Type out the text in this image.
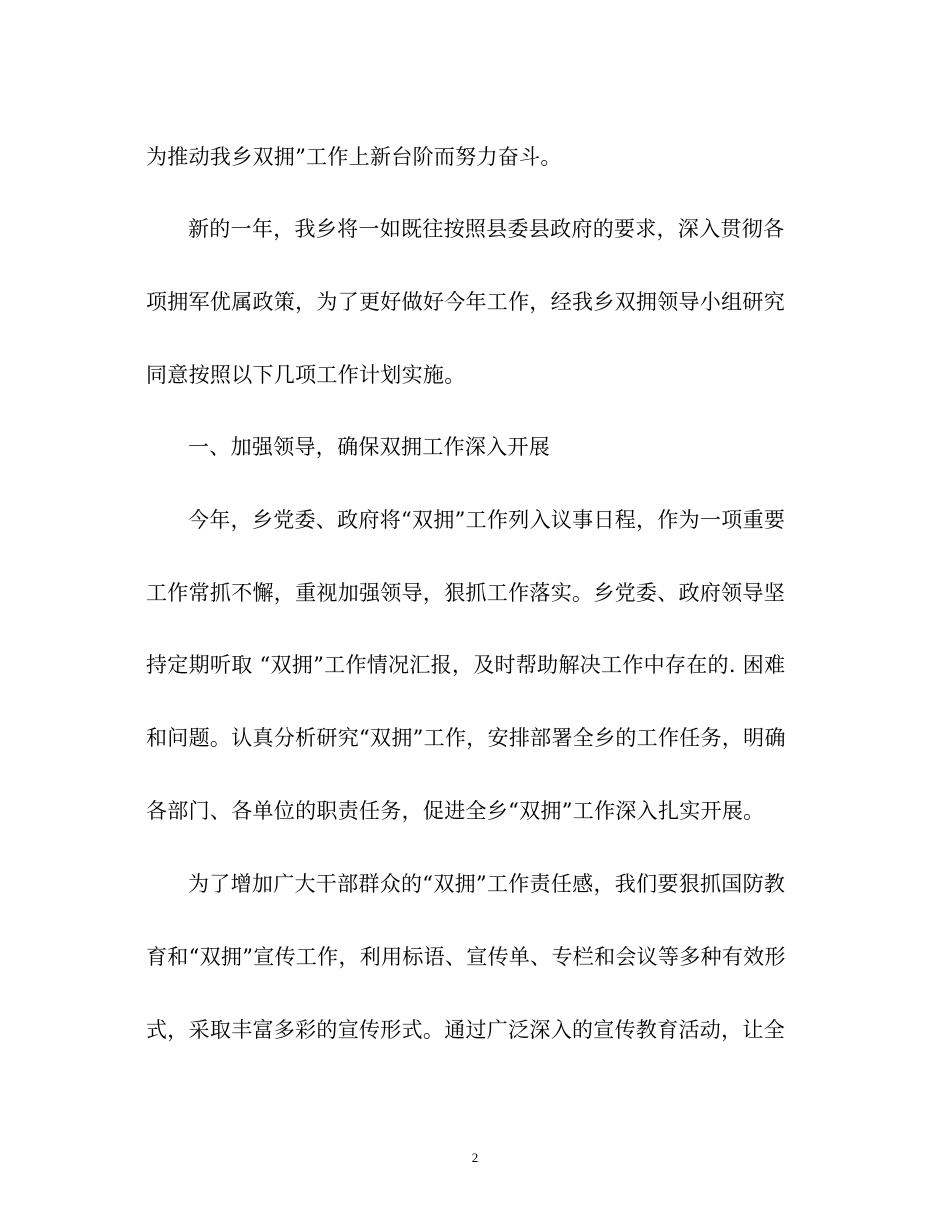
为推动我乡双拥”工作上新台阶而努力奋斗。
新的一年，我乡将一如既往按照县委县政府的要求，深入贯彻各
项拥军优属政策，为了更好做好今年工作，经我乡双拥领导小组研究
同意按照以下几项工作计划实施。
一、加强领导，确保双拥工作深入开展
今年，乡党委、政府将“双拥”工作列入议事日程，作为一项重要
工作常抓不懈，重视加强领导，狠抓工作落实。乡党委、政府领导坚
持定期听取 “双拥”工作情况汇报，及时帮助解决工作中存在的. 困难
和问题。认真分析研究“双拥”工作，安排部署全乡的工作任务，明确
各部门、各单位的职责任务，促进全乡“双拥”工作深入扎实开展。
为了增加广大干部群众的“双拥”工作责任感，我们要狠抓国防教
育和“双拥”宣传工作，利用标语、宣传单、专栏和会议等多种有效形
式，采取丰富多彩的宣传形式。通过广泛深入的宣传教育活动，让全
2
